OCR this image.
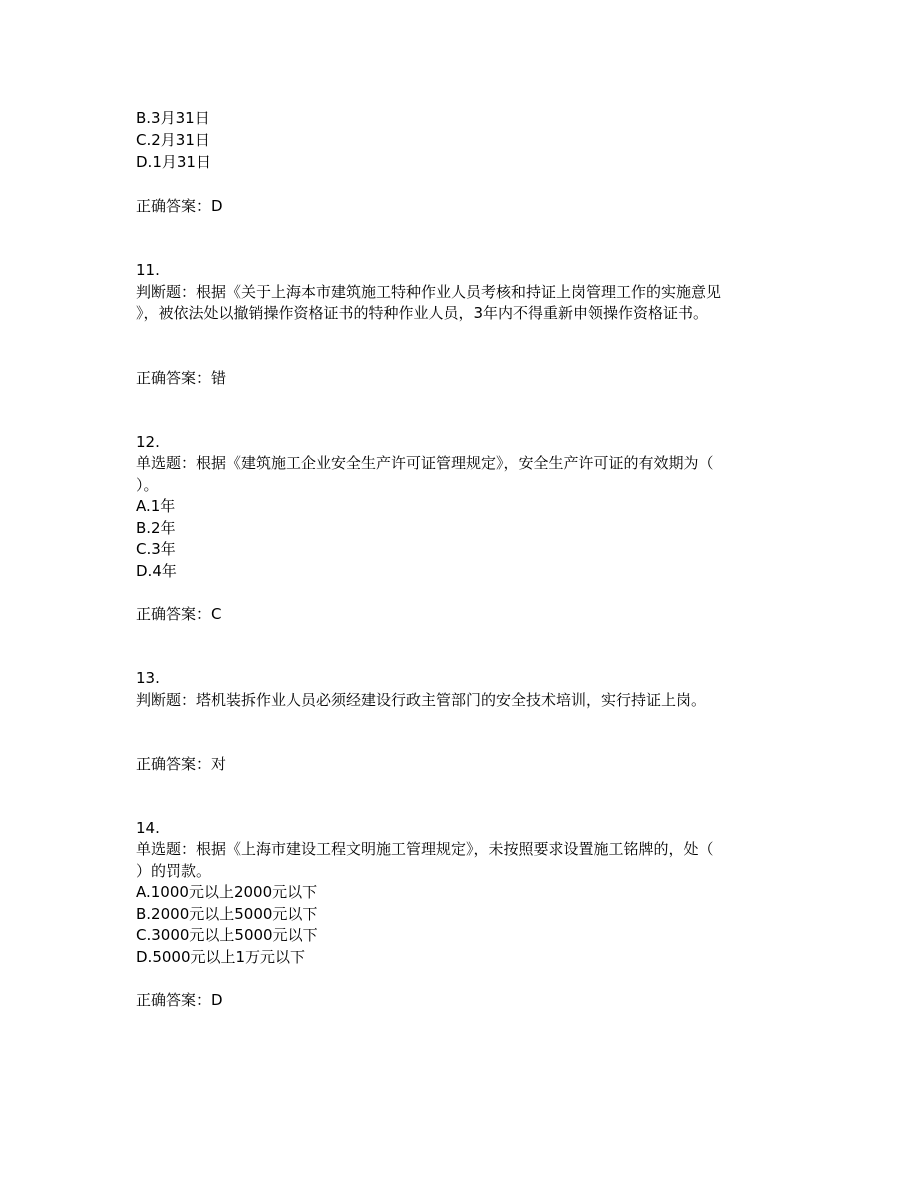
B.3月31日
C.2月31日
D.1月31日
正确答案：D
11.
判断题：根据《关于上海本市建筑施工特种作业人员考核和持证上岗管理工作的实施意见
》，被依法处以撤销操作资格证书的特种作业人员，3年内不得重新申领操作资格证书。
正确答案：错
12.
单选题：根据《建筑施工企业安全生产许可证管理规定》，安全生产许可证的有效期为（
）。
A.1年
B.2年
C.3年
D.4年
正确答案：C
13.
判断题：塔机装拆作业人员必须经建设行政主管部门的安全技术培训，实行持证上岗。
正确答案：对
14.
单选题：根据《上海市建设工程文明施工管理规定》，未按照要求设置施工铭牌的，处（
）的罚款。
A.1000元以上2000元以下
B.2000元以上5000元以下
C.3000元以上5000元以下
D.5000元以上1万元以下
正确答案：D
